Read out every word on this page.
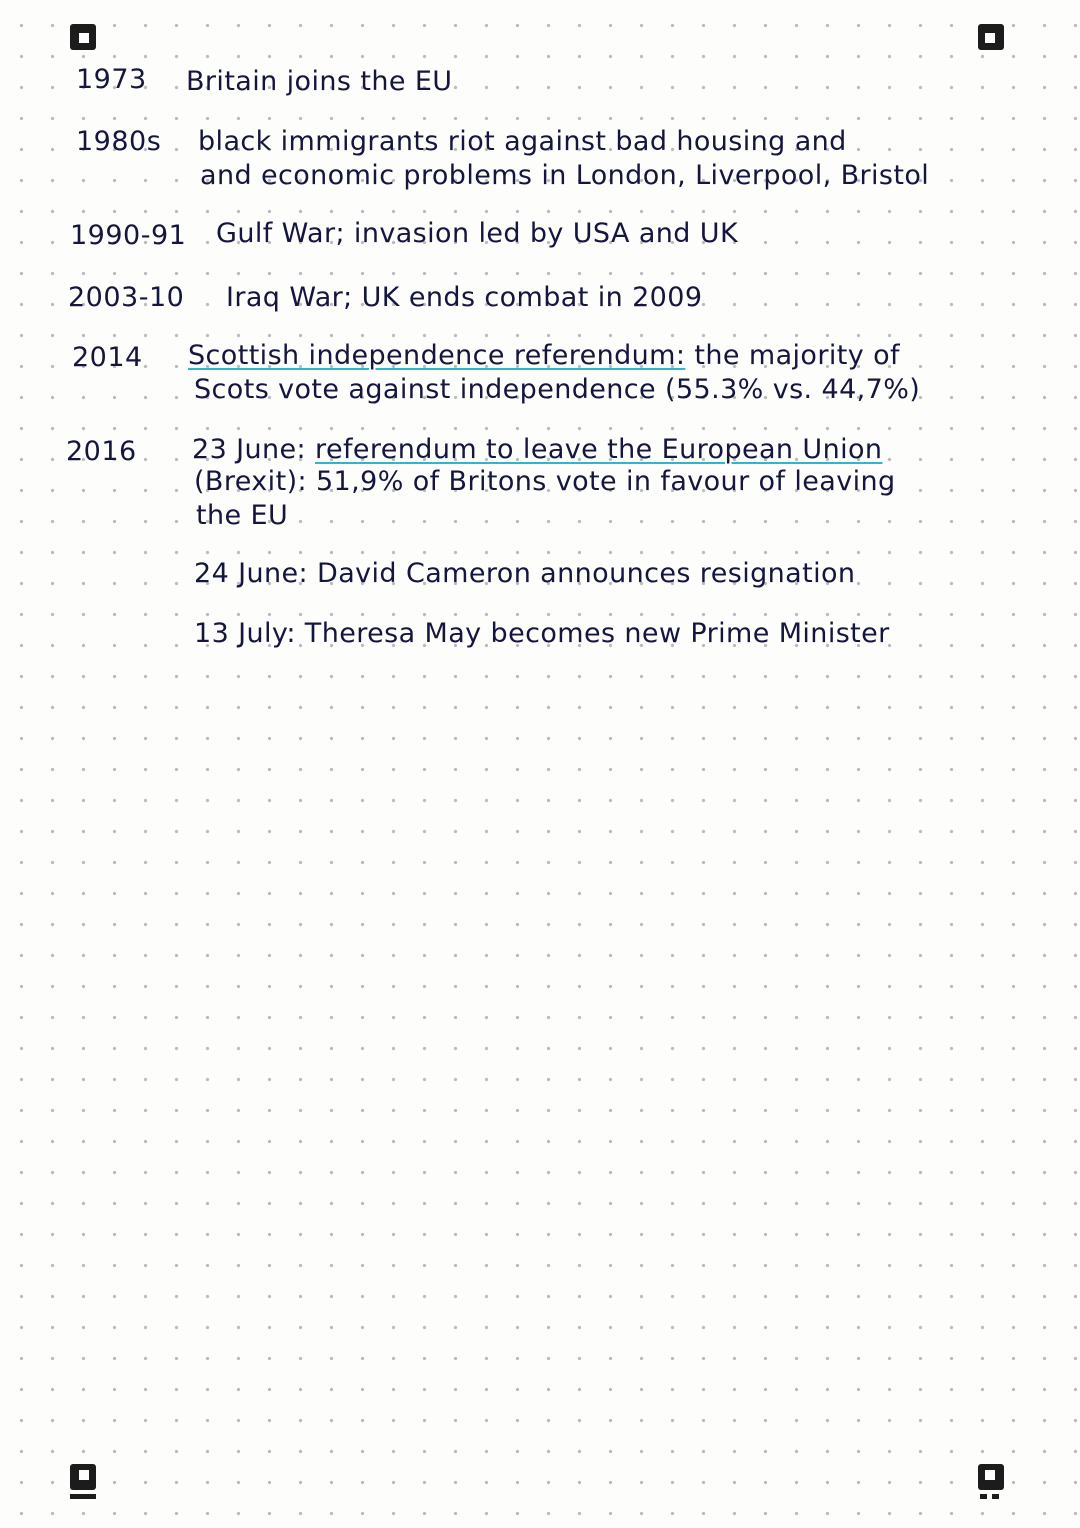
1973 Britain joins the EU
1980s black immigrants riot against bad housing and
and economic problems in London, Liverpool, Bristol
1990-91 Gulf War; invasion led by USA and UK
2003-10 Iraq War; UK ends combat in 2009
2014 Scottish independence referendum: the majority of
Scots vote against independence (55.3% vs. 44,7%)
2016 23 June: referendum to leave the European Union
(Brexit): 51,9% of Britons vote in favour of leaving
the EU
24 June: David Cameron announces resignation
13 July: Theresa May becomes new Prime Minister
